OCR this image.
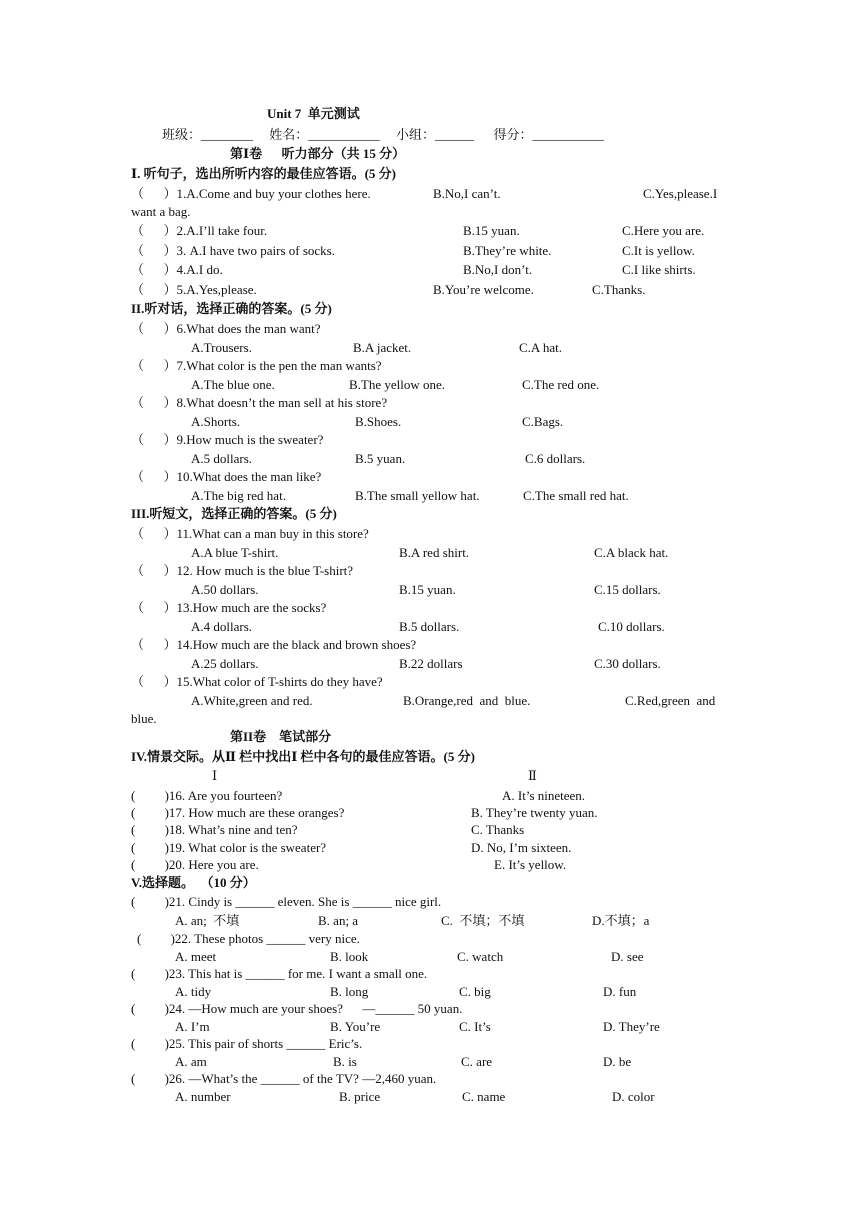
Unit 7  单元测试
班级：________     姓名：___________     小组：______      得分：___________
第Ⅰ卷      听力部分（共 15 分）
Ⅰ. 听句子，选出所听内容的最佳应答语。(5 分)
（      ）1.A.Come and buy your clothes here.	B.No,I can’t.	C.Yes,please.I
want a bag.
（      ）2.A.I’ll take four.	B.15 yuan.	C.Here you are.
（      ）3. A.I have two pairs of socks.	B.They’re white.	C.It is yellow.
（      ）4.A.I do.	B.No,I don’t.	C.I like shirts.
（      ）5.A.Yes,please.	B.You’re welcome.	C.Thanks.
II.听对话，选择正确的答案。(5 分)
（      ）6.What does the man want?
A.Trousers.	B.A jacket.	C.A hat.
（      ）7.What color is the pen the man wants?
A.The blue one.	B.The yellow one.	C.The red one.
（      ）8.What doesn’t the man sell at his store?
A.Shorts.	B.Shoes.	C.Bags.
（      ）9.How much is the sweater?
A.5 dollars.	B.5 yuan.	C.6 dollars.
（      ）10.What does the man like?
A.The big red hat.	B.The small yellow hat.	C.The small red hat.
III.听短文，选择正确的答案。(5 分)
（      ）11.What can a man buy in this store?
A.A blue T-shirt.	B.A red shirt.	C.A black hat.
（      ）12. How much is the blue T-shirt?
A.50 dollars.	B.15 yuan.	C.15 dollars.
（      ）13.How much are the socks?
A.4 dollars.	B.5 dollars.	C.10 dollars.
（      ）14.How much are the black and brown shoes?
A.25 dollars.	B.22 dollars	C.30 dollars.
（      ）15.What color of T-shirts do they have?
A.White,green and red.	B.Orange,red  and  blue.	C.Red,green  and
blue.
第II卷    笔试部分
IV.情景交际。从Ⅱ 栏中找出Ⅰ 栏中各句的最佳应答语。(5 分)
Ⅰ	Ⅱ
(         )16. Are you fourteen?	A. It’s nineteen.
(         )17. How much are these oranges?	B. They’re twenty yuan.
(         )18. What’s nine and ten?	C. Thanks
(         )19. What color is the sweater?	D. No, I’m sixteen.
(         )20. Here you are.	E. It’s yellow.
V.选择题。  （10 分）
(         )21. Cindy is ______ eleven. She is ______ nice girl.
A. an;  不填	B. an; a	C.  不填；不填	D.不填；a
(         )22. These photos ______ very nice.
A. meet	B. look	C. watch	D. see
(         )23. This hat is ______ for me. I want a small one.
A. tidy	B. long	C. big	D. fun
(         )24. —How much are your shoes?      —______ 50 yuan.
A. I’m	B. You’re	C. It’s	D. They’re
(         )25. This pair of shorts ______ Eric’s.
A. am	B. is	C. are	D. be
(         )26. —What’s the ______ of the TV? —2,460 yuan.
A. number	B. price	C. name	D. color
